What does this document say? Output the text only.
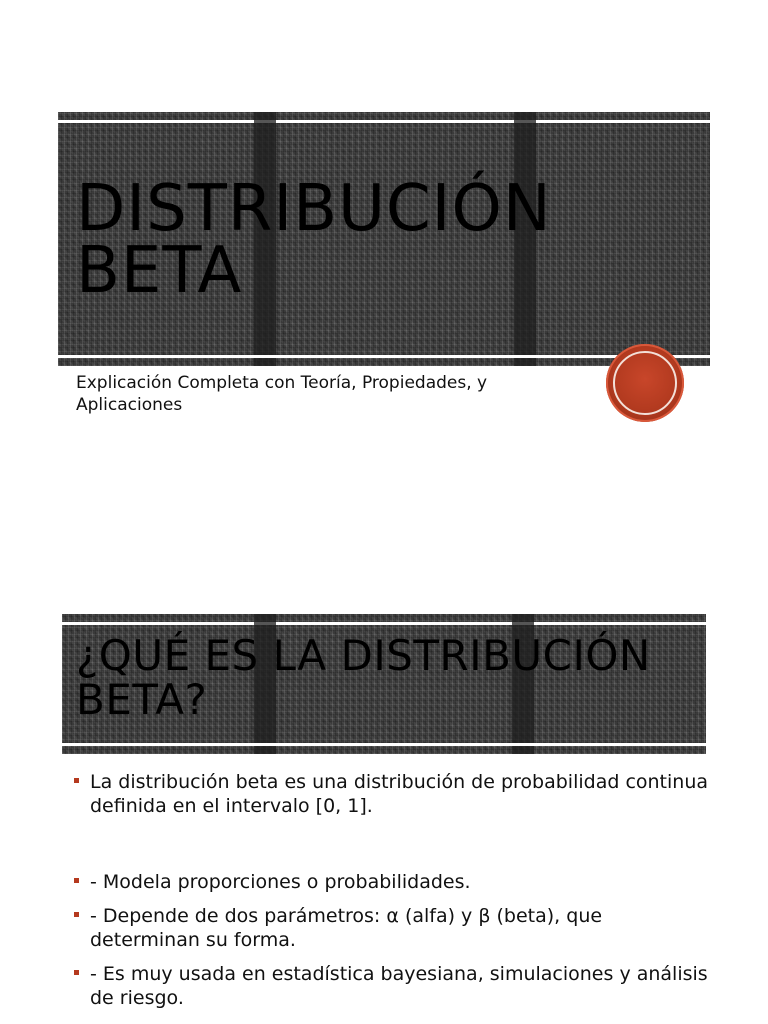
DISTRIBUCIÓN
BETA

Explicación Completa con Teoría, Propiedades, y Aplicaciones

¿QUÉ ES LA DISTRIBUCIÓN
BETA?
La distribución beta es una distribución de probabilidad continua definida en el intervalo [0, 1].
- Modela proporciones o probabilidades.
- Depende de dos parámetros: α (alfa) y β (beta), que determinan su forma.
- Es muy usada en estadística bayesiana, simulaciones y análisis de riesgo.
